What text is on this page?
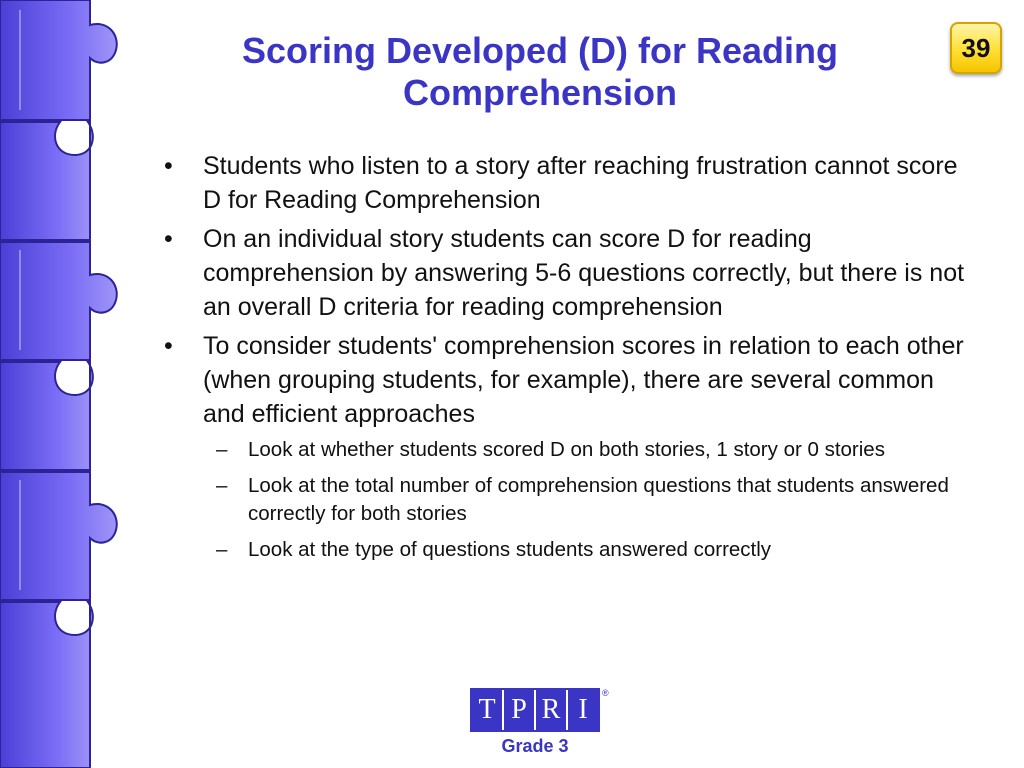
39
Scoring Developed (D) for Reading Comprehension
• Students who listen to a story after reaching frustration cannot score D for Reading Comprehension
• On an individual story students can score D for reading comprehension by answering 5-6 questions correctly, but there is not an overall D criteria for reading comprehension
• To consider students' comprehension scores in relation to each other (when grouping students, for example), there are several common and efficient approaches
– Look at whether students scored D on both stories, 1 story or 0 stories
– Look at the total number of comprehension questions that students answered correctly for both stories
– Look at the type of questions students answered correctly
T P R I
®
Grade 3
